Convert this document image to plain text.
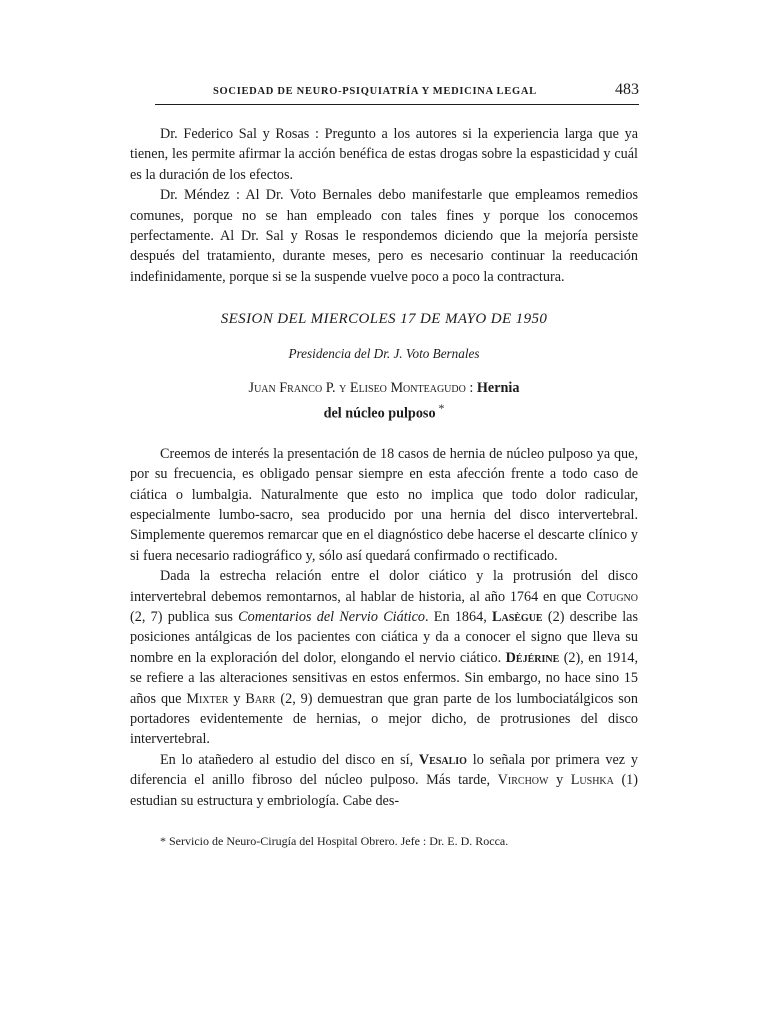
SOCIEDAD DE NEURO-PSIQUIATRÍA Y MEDICINA LEGAL	483

Dr. Federico Sal y Rosas : Pregunto a los autores si la experiencia larga que ya tienen, les permite afirmar la acción benéfica de estas drogas sobre la espasticidad y cuál es la duración de los efectos.

Dr. Méndez : Al Dr. Voto Bernales debo manifestarle que empleamos remedios comunes, porque no se han empleado con tales fines y porque los conocemos perfectamente. Al Dr. Sal y Rosas le respondemos diciendo que la mejoría persiste después del tratamiento, durante meses, pero es necesario continuar la reeducación indefinidamente, porque si se la suspende vuelve poco a poco la contractura.

SESION DEL MIERCOLES 17 DE MAYO DE 1950
Presidencia del Dr. J. Voto Bernales
Juan Franco P. y Eliseo Monteagudo : Hernia
del núcleo pulposo *

Creemos de interés la presentación de 18 casos de hernia de núcleo pulposo ya que, por su frecuencia, es obligado pensar siempre en esta afección frente a todo caso de ciática o lumbalgia. Naturalmente que esto no implica que todo dolor radicular, especialmente lumbo-sacro, sea producido por una hernia del disco intervertebral. Simplemente queremos remarcar que en el diagnóstico debe hacerse el descarte clínico y si fuera necesario radiográfico y, sólo así quedará confirmado o rectificado.

Dada la estrecha relación entre el dolor ciático y la protrusión del disco intervertebral debemos remontarnos, al hablar de historia, al año 1764 en que Cotugno (2, 7) publica sus Comentarios del Nervio Ciático. En 1864, Lasègue (2) describe las posiciones antálgicas de los pacientes con ciática y da a conocer el signo que lleva su nombre en la exploración del dolor, elongando el nervio ciático. Déjérine (2), en 1914, se refiere a las alteraciones sensitivas en estos enfermos. Sin embargo, no hace sino 15 años que Mixter y Barr (2, 9) demuestran que gran parte de los lumbociatálgicos son portadores evidentemente de hernias, o mejor dicho, de protrusiones del disco intervertebral.

En lo atañedero al estudio del disco en sí, Vesalio lo señala por primera vez y diferencia el anillo fibroso del núcleo pulposo. Más tarde, Virchow y Lushka (1) estudian su estructura y embriología. Cabe des-

* Servicio de Neuro-Cirugía del Hospital Obrero. Jefe : Dr. E. D. Rocca.
